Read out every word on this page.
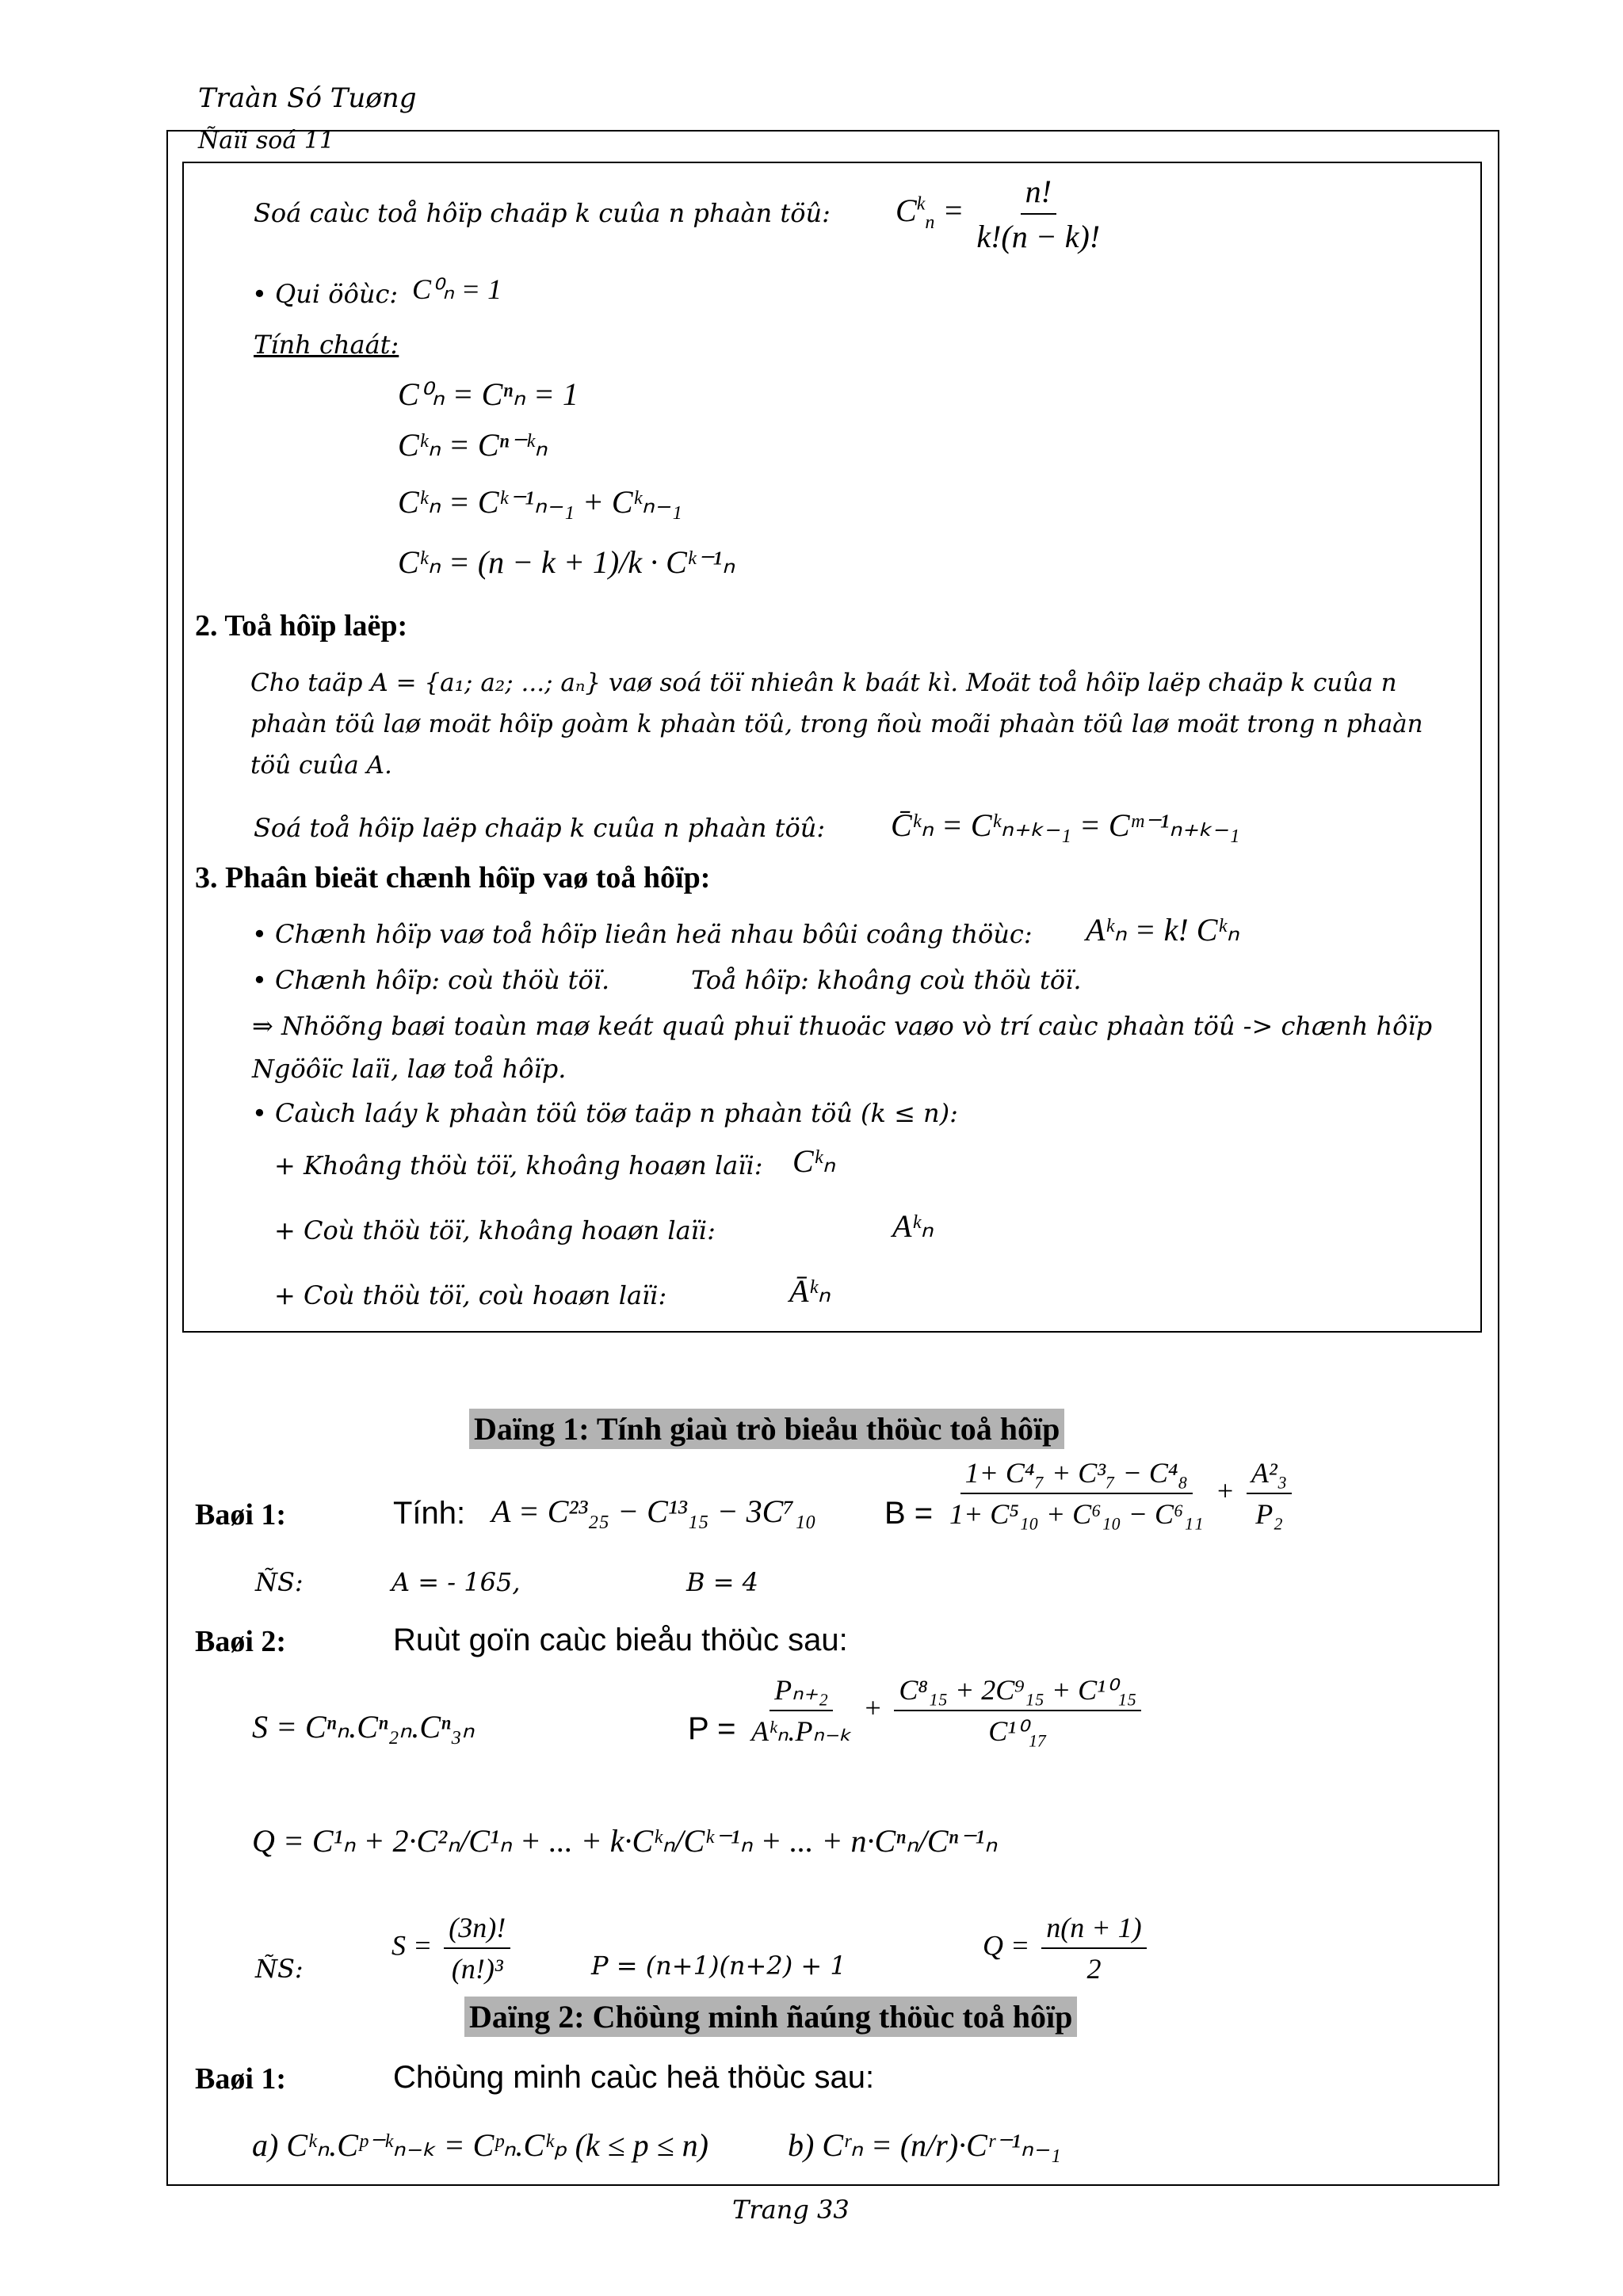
Traàn Só Tuøng
Ñaïi soá 11
Soá caùc toå hôïp chaäp k cuûa n phaàn töû: $C^k_n = \frac{n!}{k!(n - k)!}$
• Qui öôùc: C⁰ₙ = 1
Tính chaát:
C⁰ₙ = Cⁿₙ = 1
Cᵏₙ = Cⁿ⁻ᵏₙ
Cᵏₙ = Cᵏ⁻¹ₙ₋₁ + Cᵏₙ₋₁
Cᵏₙ = (n − k + 1)/k · Cᵏ⁻¹ₙ
2. Toå hôïp laëp:
Cho taäp A = {a₁; a₂; ...; aₙ} vaø soá töï nhieân k baát kì. Moät toå hôïp laëp chaäp k cuûa n phaàn töû laø moät hôïp goàm k phaàn töû, trong ñoù moãi phaàn töû laø moät trong n phaàn töû cuûa A.
Soá toå hôïp laëp chaäp k cuûa n phaàn töû: C̄ᵏₙ = Cᵏₙ₊ₖ₋₁ = Cᵐ⁻¹ₙ₊ₖ₋₁
3. Phaân bieät chænh hôïp vaø toå hôïp:
• Chænh hôïp vaø toå hôïp lieân heä nhau bôûi coâng thöùc: Aᵏₙ = k! Cᵏₙ
• Chænh hôïp: coù thöù töï.	Toå hôïp: khoâng coù thöù töï.
⇒ Nhöõng baøi toaùn maø keát quaû phuï thuoäc vaøo vò trí caùc phaàn töû -> chænh hôïp
Ngöôïc laïi, laø toå hôïp.
• Caùch laáy k phaàn töû töø taäp n phaàn töû (k ≤ n):
+ Khoâng thöù töï, khoâng hoaøn laïi: Cᵏₙ
+ Coù thöù töï, khoâng hoaøn laïi:	Aᵏₙ
+ Coù thöù töï, coù hoaøn laïi:	Āᵏₙ
Daïng 1: Tính giaù trò bieåu thöùc toå hôïp
Baøi 1:	Tính: A = C²³₂₅ − C¹³₁₅ − 3C⁷₁₀ $B = \frac{\text{1+ C⁴₇ + C³₇ − C⁴₈}}{\text{1+ C⁵₁₀ + C⁶₁₀ − C⁶₁₁}} + \frac{\text{A²₃}}{\text{P₂}}$
ÑS:	A = - 165,	B = 4
Baøi 2:	Ruùt goïn caùc bieåu thöùc sau:
S = Cⁿₙ.Cⁿ₂ₙ.Cⁿ₃ₙ	$P = \frac{\text{Pₙ₊₂}}{\text{Aᵏₙ.Pₙ₋ₖ}} + \frac{\text{C⁸₁₅ + 2C⁹₁₅ + C¹⁰₁₅}}{\text{C¹⁰₁₇}}$
Q = C¹ₙ + 2·C²ₙ/C¹ₙ + ... + k·Cᵏₙ/Cᵏ⁻¹ₙ + ... + n·Cⁿₙ/Cⁿ⁻¹ₙ
ÑS:
$S = \frac{(3n)!}{\text{(n!)³}}$	P = (n+1)(n+2) + 1
$Q = \frac{n(n + 1)}{2}$
Daïng 2: Chöùng minh ñaúng thöùc toå hôïp
Baøi 1:	Chöùng minh caùc heä thöùc sau:
a) Cᵏₙ.Cᵖ⁻ᵏₙ₋ₖ = Cᵖₙ.Cᵏₚ (k ≤ p ≤ n)	b) Cʳₙ = (n/r)·Cʳ⁻¹ₙ₋₁
Trang 33
